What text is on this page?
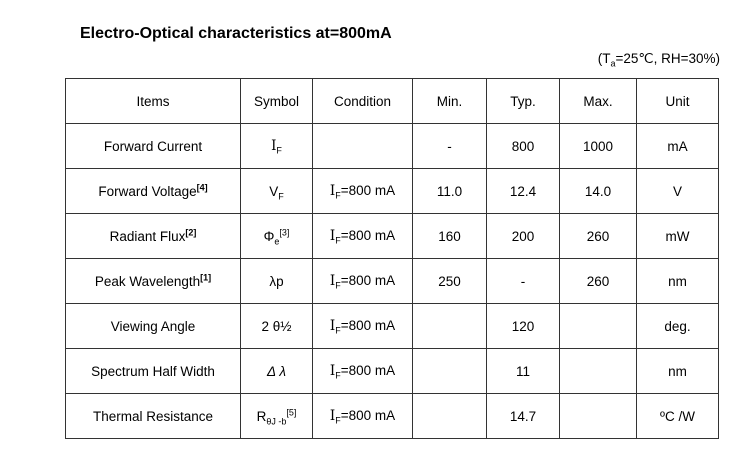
Electro-Optical characteristics at=800mA
($T_a=25℃$, RH=30%)
Items	Symbol	Condition	Min.	Typ.	Max.	Unit
Forward Current	$I_F$		-	800	1000	mA
Forward Voltage[4]	$V_F$	$I_F=800$ mA	11.0	12.4	14.0	V
Radiant Flux[2]	$\Phi_e[3]$	$I_F=800$ mA	160	200	260	mW
Peak Wavelength[1]	λp	$I_F=800$ mA	250	-	260	nm
Viewing Angle	2 θ½	$I_F=800$ mA		120		deg.
Spectrum Half Width	Δ λ	$I_F=800$ mA		11		nm
Thermal Resistance	$R_{\theta J -b}[5]$	$I_F=800$ mA		14.7		ºC /W
